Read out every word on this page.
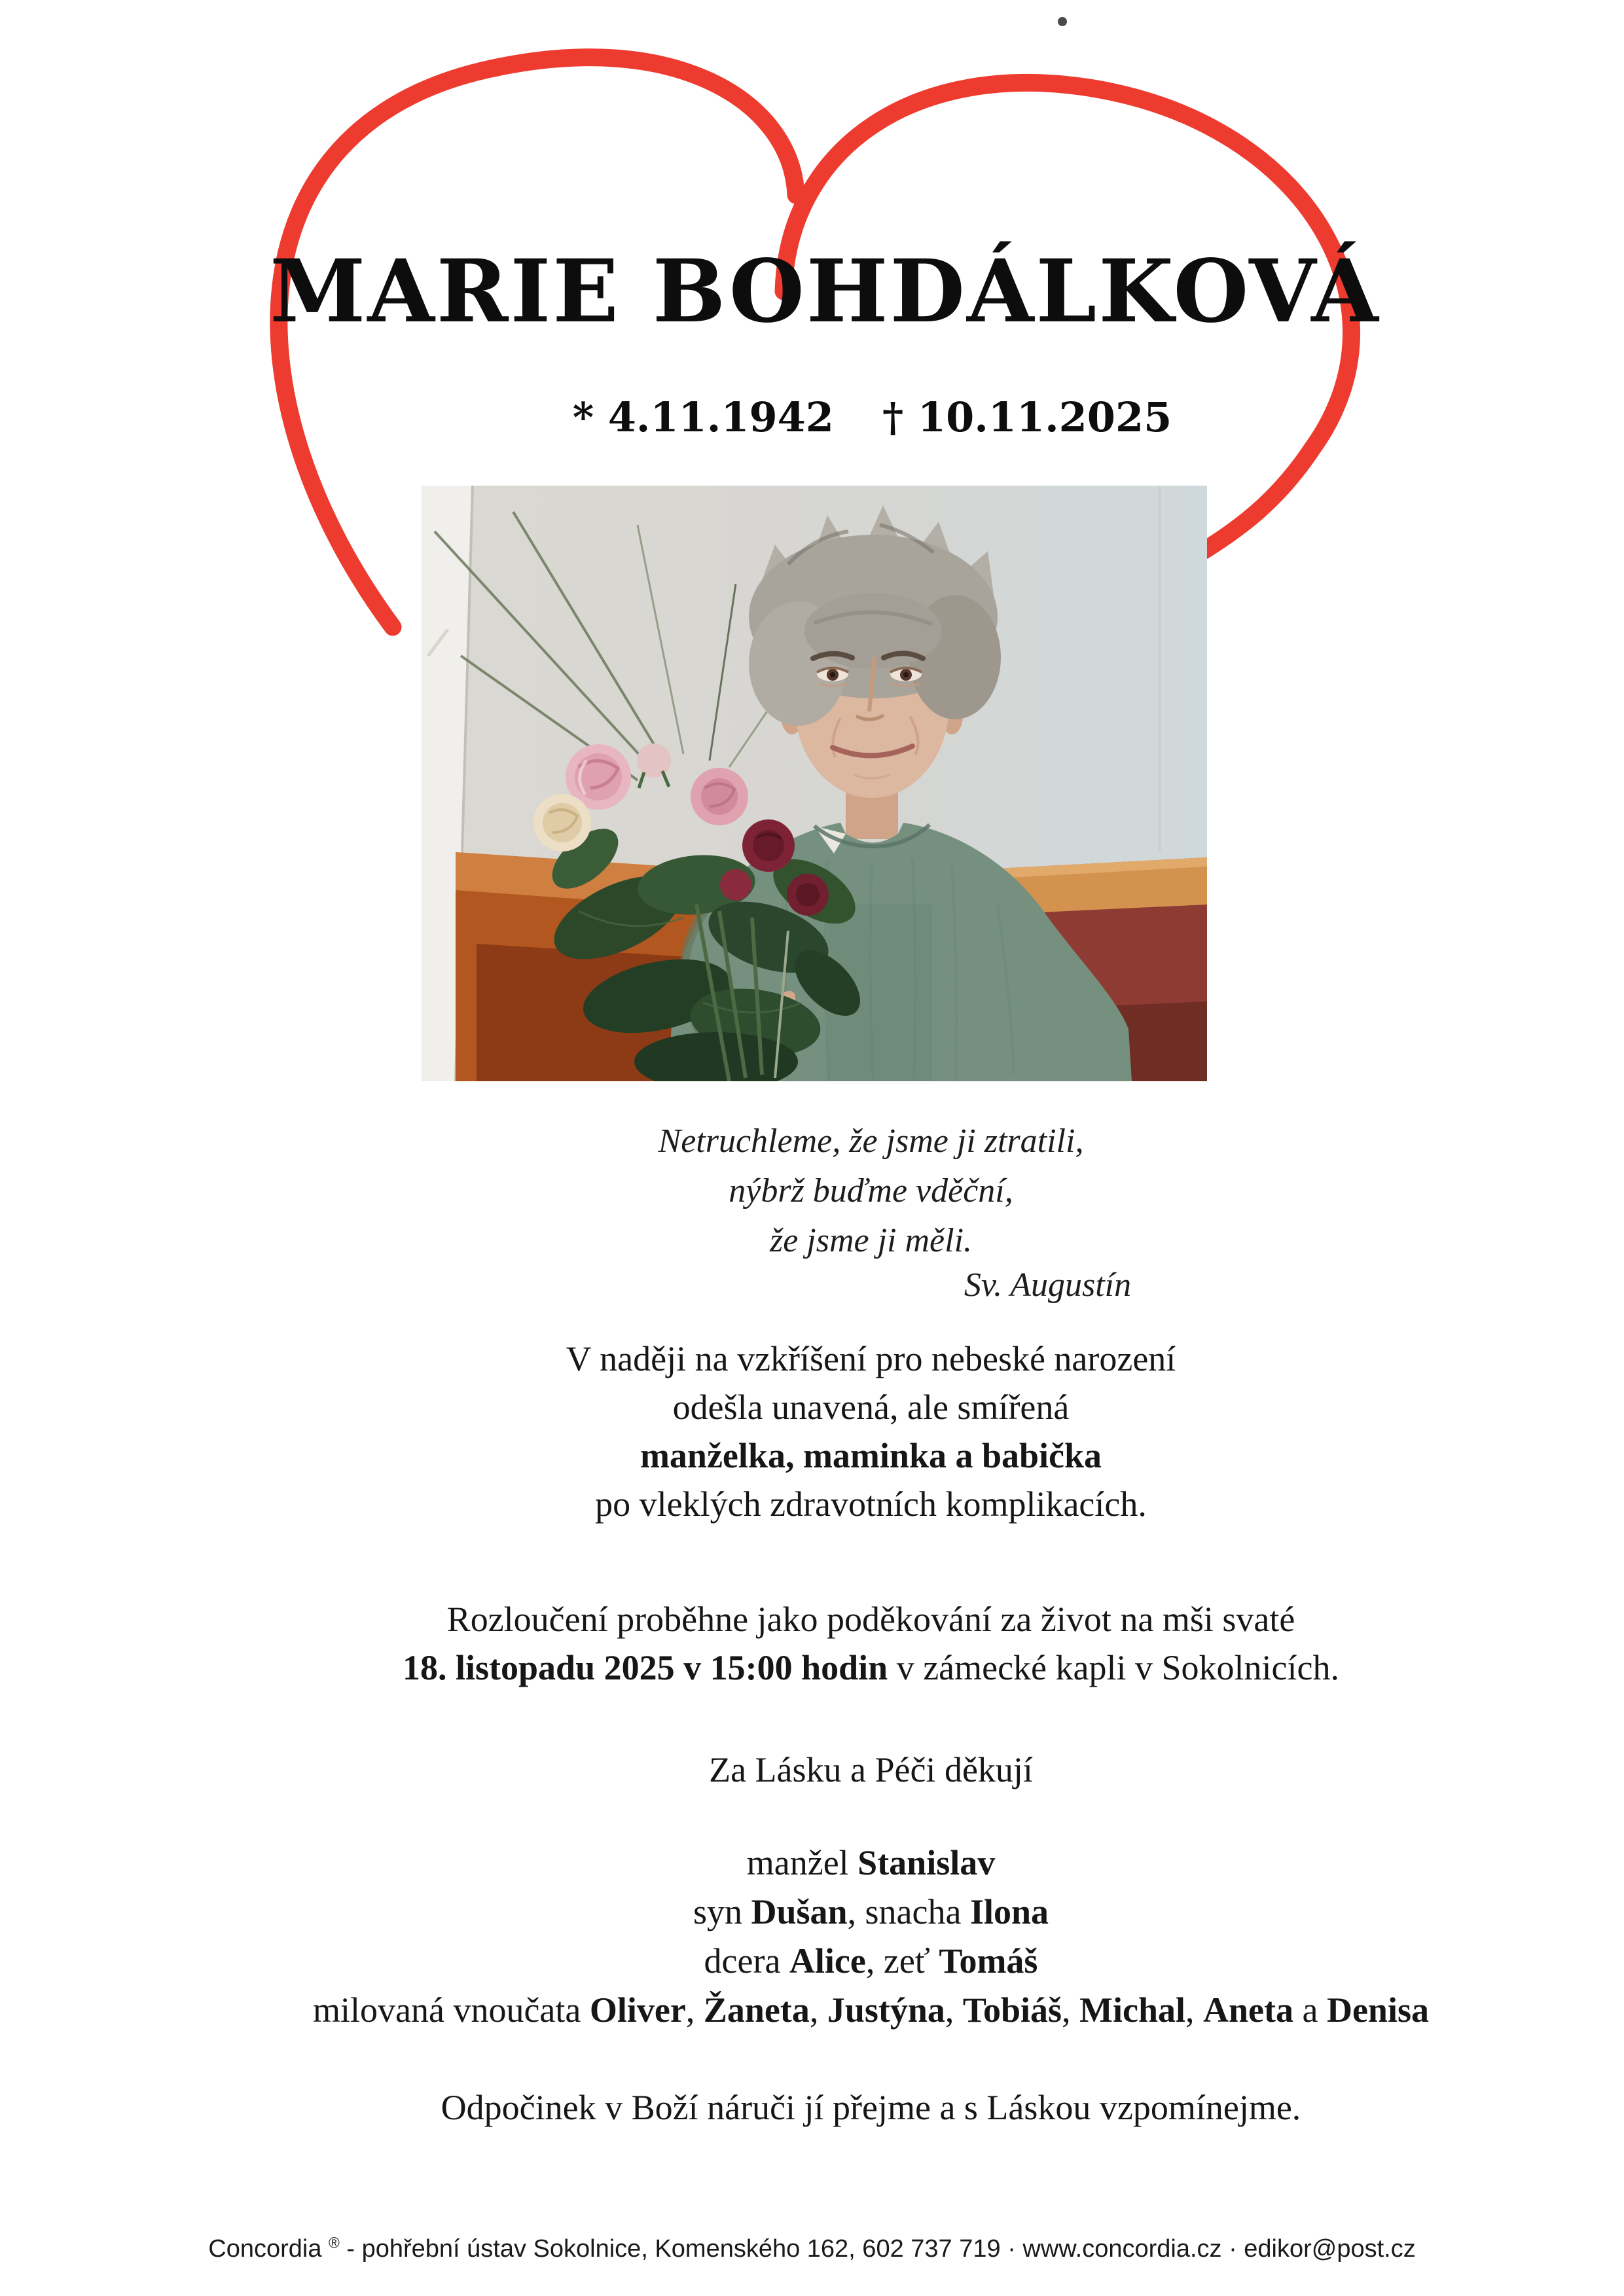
MARIE BOHDÁLKOVÁ
* 4.11.1942 † 10.11.2025
Netruchleme, že jsme ji ztratili,
nýbrž buďme vděční,
že jsme ji měli.
Sv. Augustín
V naději na vzkříšení pro nebeské narození
odešla unavená, ale smířená
manželka, maminka a babička
po vleklých zdravotních komplikacích.
Rozloučení proběhne jako poděkování za život na mši svaté
18. listopadu 2025 v 15:00 hodin v zámecké kapli v Sokolnicích.
Za Lásku a Péči děkují
manžel Stanislav
syn Dušan, snacha Ilona
dcera Alice, zeť Tomáš
milovaná vnoučata Oliver, Žaneta, Justýna, Tobiáš, Michal, Aneta a Denisa
Odpočinek v Boží náruči jí přejme a s Láskou vzpomínejme.
Concordia ® - pohřební ústav Sokolnice, Komenského 162, 602 737 719 · www.concordia.cz · edikor@post.cz
